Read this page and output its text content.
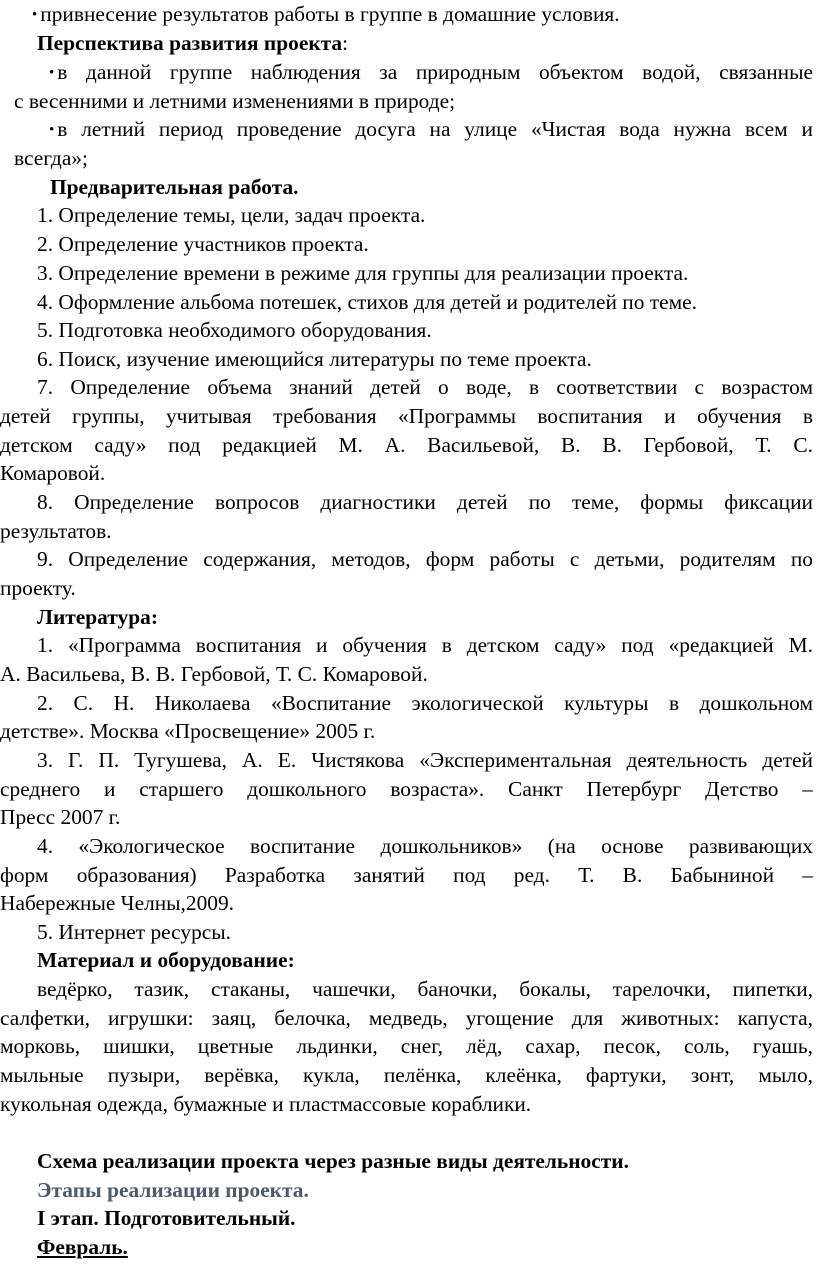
• привнесение результатов работы в группе в домашние условия.

Перспектива развития проекта:

• в данной группе наблюдения за природным объектом водой, связанные

с весенними и летними изменениями в природе;

• в летний период проведение досуга на улице «Чистая вода нужна всем и

всегда»;

Предварительная работа.

1. Определение темы, цели, задач проекта.

2. Определение участников проекта.

3. Определение времени в режиме для группы для реализации проекта.

4. Оформление альбома потешек, стихов для детей и родителей по теме.

5. Подготовка необходимого оборудования.

6. Поиск, изучение имеющийся литературы по теме проекта.

7. Определение объема знаний детей о воде, в соответствии с возрастом

детей группы, учитывая требования «Программы воспитания и обучения в

детском саду» под редакцией М. А. Васильевой, В. В. Гербовой, Т. С.

Комаровой.

8. Определение вопросов диагностики детей по теме, формы фиксации

результатов.

9. Определение содержания, методов, форм работы с детьми, родителям по

проекту.

Литература:

1. «Программа воспитания и обучения в детском саду» под «редакцией М.

А. Васильева, В. В. Гербовой, Т. С. Комаровой.

2. С. Н. Николаева «Воспитание экологической культуры в дошкольном

детстве». Москва «Просвещение» 2005 г.

3. Г. П. Тугушева, А. Е. Чистякова «Экспериментальная деятельность детей

среднего и старшего дошкольного возраста». Санкт Петербург Детство –

Пресс 2007 г.

4. «Экологическое воспитание дошкольников» (на основе развивающих

форм образования) Разработка занятий под ред. Т. В. Бабыниной –

Набережные Челны,2009.

5. Интернет ресурсы.

Материал и оборудование:

ведёрко, тазик, стаканы, чашечки, баночки, бокалы, тарелочки, пипетки,

салфетки, игрушки: заяц, белочка, медведь, угощение для животных: капуста,

морковь, шишки, цветные льдинки, снег, лёд, сахар, песок, соль, гуашь,

мыльные пузыри, верёвка, кукла, пелёнка, клеёнка, фартуки, зонт, мыло,

кукольная одежда, бумажные и пластмассовые кораблики.

Схема реализации проекта через разные виды деятельности.

Этапы реализации проекта.

I этап. Подготовительный.

Февраль.
